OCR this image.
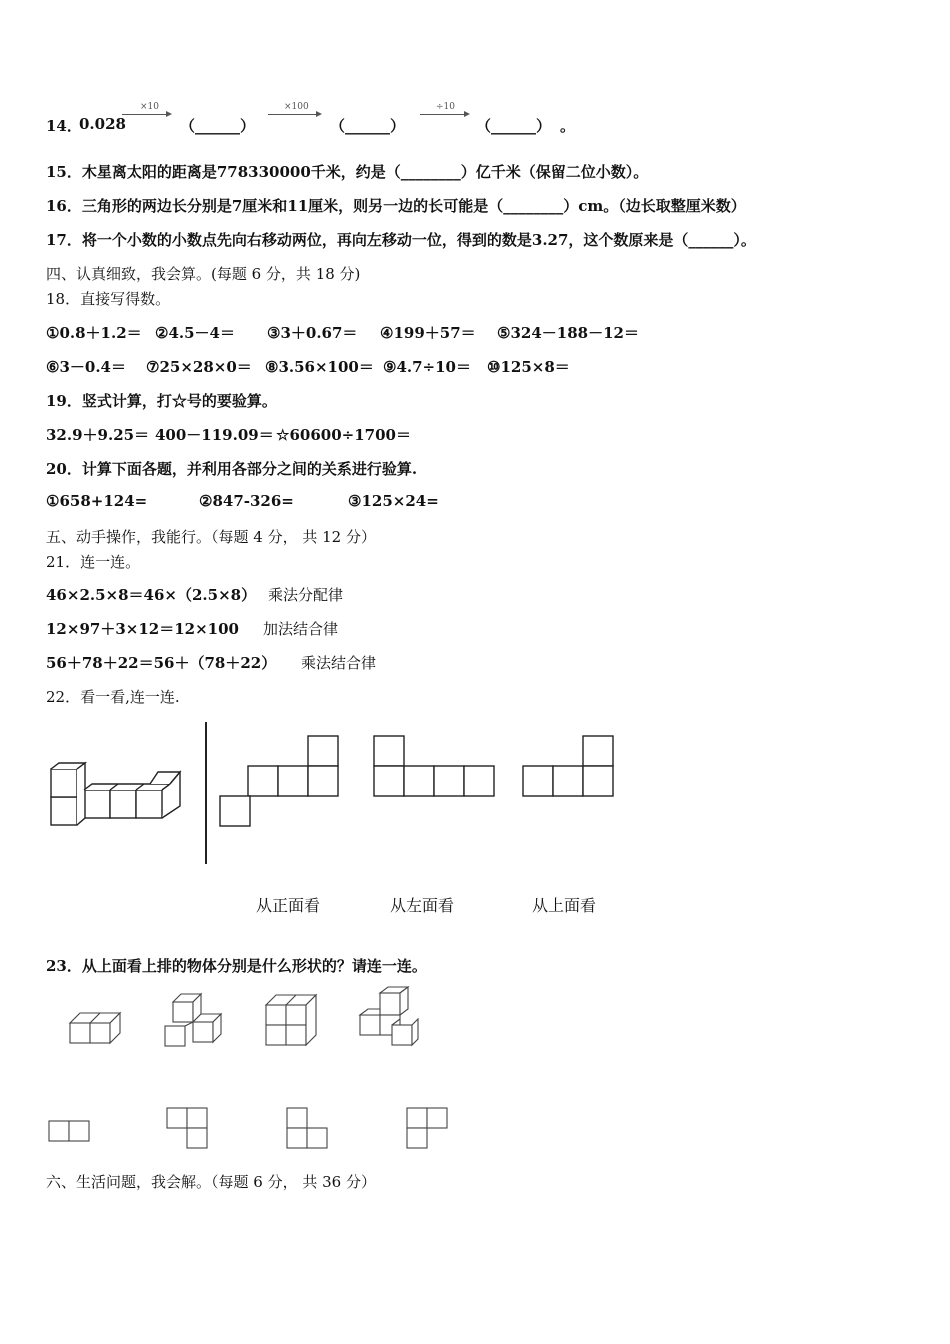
14．
0.028
×10
（______）
×100
（______）
÷10
（______） 。
15．木星离太阳的距离是778330000千米，约是（________）亿千米（保留二位小数）。
16．三角形的两边长分别是7厘米和11厘米，则另一边的长可能是（________）cm。（边长取整厘米数）
17．将一个小数的小数点先向右移动两位，再向左移动一位，得到的数是3.27，这个数原来是（______）。
四、认真细致，我会算。(每题 6 分，共 18 分)
18．直接写得数。
①0.8＋1.2＝ ②4.5－4＝ ③3＋0.67＝ ④199＋57＝ ⑤324－188－12＝
⑥3－0.4＝ ⑦25×28×0＝ ⑧3.56×100＝ ⑨4.7÷10＝ ⑩125×8＝
19．竖式计算，打☆号的要验算。
32.9＋9.25＝ 400－119.09＝ ☆60600÷1700＝
20．计算下面各题，并利用各部分之间的关系进行验算.
①658+124=	②847-326=	③125×24=
五、动手操作，我能行。（每题 4 分， 共 12 分）
21．连一连。
46×2.5×8＝46×（2.5×8） 乘法分配律
12×97＋3×12＝12×100 加法结合律
56＋78＋22＝56＋（78＋22） 乘法结合律
22．看一看,连一连.
从正面看	从左面看	从上面看
23．从上面看上排的物体分别是什么形状的？请连一连。
六、生活问题，我会解。（每题 6 分， 共 36 分）
